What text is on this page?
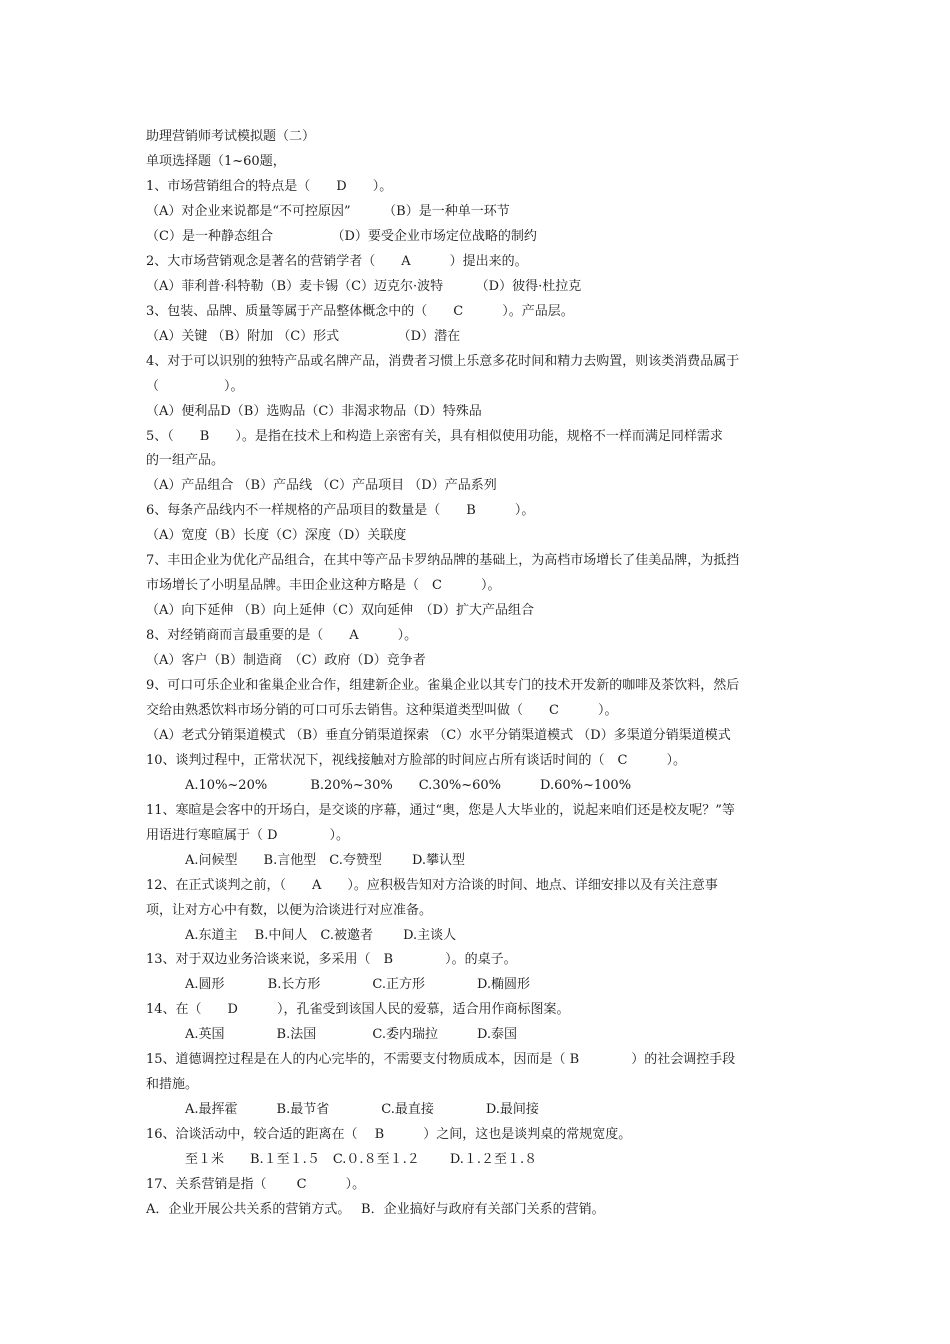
助理营销师考试模拟题（二）
单项选择题（1~60题，
1、市场营销组合的特点是（　　D　　）。
（A）对企业来说都是“不可控原因”　　　（B）是一种单一环节
（C）是一种静态组合　　　　　（D）要受企业市场定位战略的制约
2、大市场营销观念是著名的营销学者（　　A　　　）提出来的。
（A）菲利普·科特勒（B）麦卡锡（C）迈克尔·波特　　　（D）彼得·杜拉克
3、包装、品牌、质量等属于产品整体概念中的（　　C　　　）。产品层。
（A）关键 （B）附加 （C）形式　　　　　（D）潜在
4、对于可以识别的独特产品或名牌产品，消费者习惯上乐意多花时间和精力去购置，则该类消费品属于
（　　　　　）。
（A）便利品D（B）选购品（C）非渴求物品（D）特殊品
5、（　　B　　）。是指在技术上和构造上亲密有关，具有相似使用功能，规格不一样而满足同样需求
的一组产品。
（A）产品组合 （B）产品线 （C）产品项目 （D）产品系列
6、每条产品线内不一样规格的产品项目的数量是（　　B　　　）。
（A）宽度（B）长度（C）深度（D）关联度
7、丰田企业为优化产品组合，在其中等产品卡罗纳品牌的基础上，为高档市场增长了佳美品牌，为抵挡
市场增长了小明星品牌。丰田企业这种方略是（　C　　　）。
（A）向下延伸 （B）向上延伸（C）双向延伸　（D）扩大产品组合
8、对经销商而言最重要的是（　　A　　　）。
（A）客户（B）制造商　（C）政府（D）竞争者
9、可口可乐企业和雀巢企业合作，组建新企业。雀巢企业以其专门的技术开发新的咖啡及茶饮料，然后
交给由熟悉饮料市场分销的可口可乐去销售。这种渠道类型叫做（　　C　　　）。
（A）老式分销渠道模式 （B）垂直分销渠道探索 （C）水平分销渠道模式 （D）多渠道分销渠道模式
10、谈判过程中，正常状况下，视线接触对方脸部的时间应占所有谈话时间的（　C　　　）。
　　　A.10%~20%　　　 B.20%~30%　　C.30%~60%　　　D.60%~100%
11、寒暄是会客中的开场白，是交谈的序幕，通过“奥，您是人大毕业的，说起来咱们还是校友呢？”等
用语进行寒暄属于（ D　　　　）。
　　　A.问候型　　B.言他型　C.夸赞型　　 D.攀认型
12、在正式谈判之前，（　　A　　）。应积极告知对方洽谈的时间、地点、详细安排以及有关注意事
项，让对方心中有数，以便为洽谈进行对应准备。
　　　A.东道主　 B.中间人　C.被邀者　　 D.主谈人
13、对于双边业务洽谈来说，多采用（　B　　　　）。的桌子。
　　　A.圆形　　　 B.长方形　　　　C.正方形　　　　D.椭圆形
14、在（　　D　　　），孔雀受到该国人民的爱慕，适合用作商标图案。
　　　A.英国　　　　B.法国　　　　 C.委内瑞拉　　　D.泰国
15、道德调控过程是在人的内心完毕的，不需要支付物质成本，因而是（ B　　　　）的社会调控手段
和措施。
　　　A.最挥霍　　　B.最节省　　　　C.最直接　　　　D.最间接
16、洽谈活动中，较合适的距离在（　 B　　　）之间，这也是谈判桌的常规宽度。
　　　至１米　　B.１至１.５　C.０.８至１.２　　 D.１.２至１.８
17、关系营销是指（　　 C　　　）。
A．企业开展公共关系的营销方式。　 B．企业搞好与政府有关部门关系的营销。
